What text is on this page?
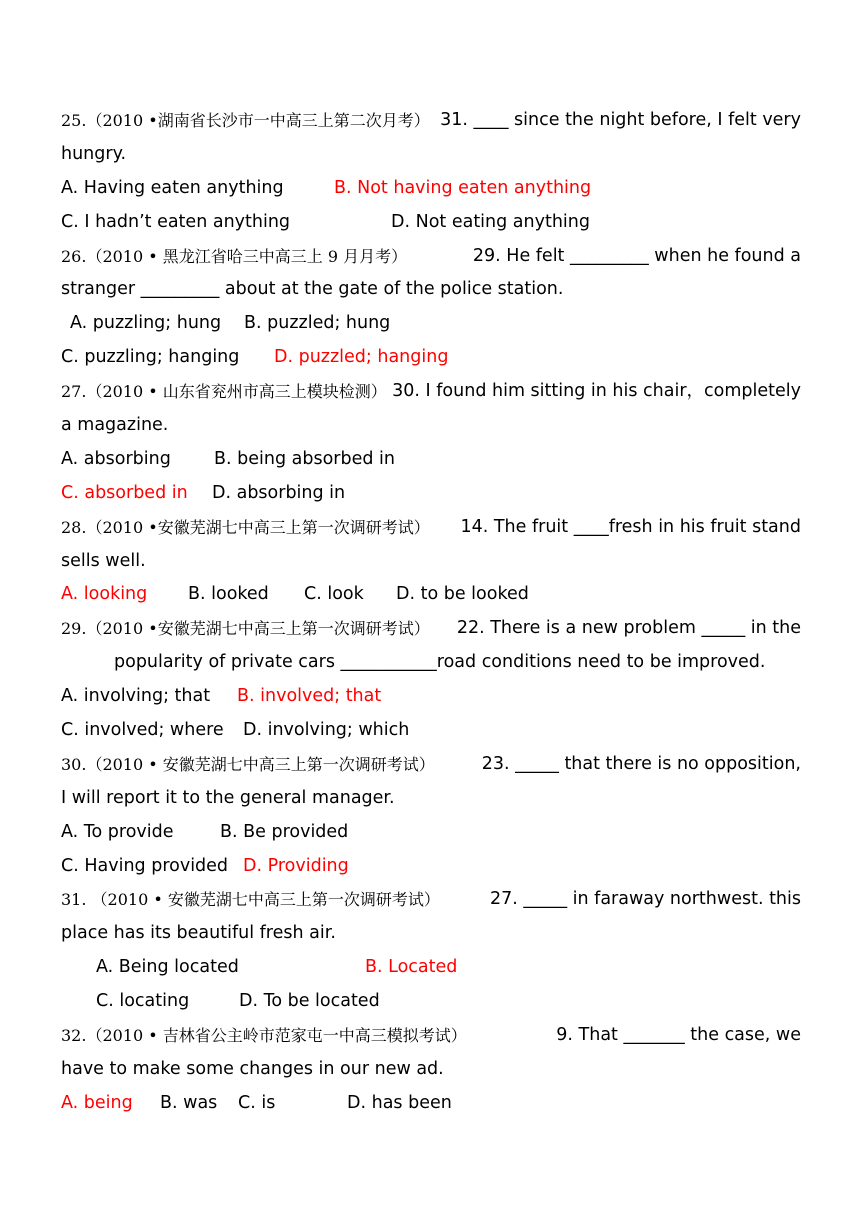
25.（2010 •湖南省长沙市一中高三上第二次月考） 31. ____ since the night before, I felt very
hungry.
A. Having eaten anything	B. Not having eaten anything
C. I hadn’t eaten anything	D. Not eating anything
26.（2010 • 黑龙江省哈三中高三上 9 月月考）	29. He felt _________ when he found a
stranger _________ about at the gate of the police station.
A. puzzling; hung B. puzzled; hung
C. puzzling; hanging D. puzzled; hanging
27.（2010 • 山东省兖州市高三上模块检测） 30. I found him sitting in his chair，completely
a magazine.
A. absorbing B. being absorbed in
C. absorbed in D. absorbing in
28.（2010 •安徽芜湖七中高三上第一次调研考试） 14. The fruit ____fresh in his fruit stand
sells well.
A. looking B. looked C. look D. to be looked
29.（2010 •安徽芜湖七中高三上第一次调研考试） 22. There is a new problem _____ in the
popularity of private cars ___________road conditions need to be improved.
A. involving; that B. involved; that
C. involved; where D. involving; which
30.（2010 • 安徽芜湖七中高三上第一次调研考试）	23. _____ that there is no opposition,
I will report it to the general manager.
A. To provide	B. Be provided
C. Having provided D. Providing
31. （2010 • 安徽芜湖七中高三上第一次调研考试）	27. _____ in faraway northwest. this
place has its beautiful fresh air.
A. Being located	B. Located
C. locating	D. To be located
32.（2010 • 吉林省公主岭市范家屯一中高三模拟考试）	9. That _______ the case, we
have to make some changes in our new ad.
A. being B. was C. is	D. has been
